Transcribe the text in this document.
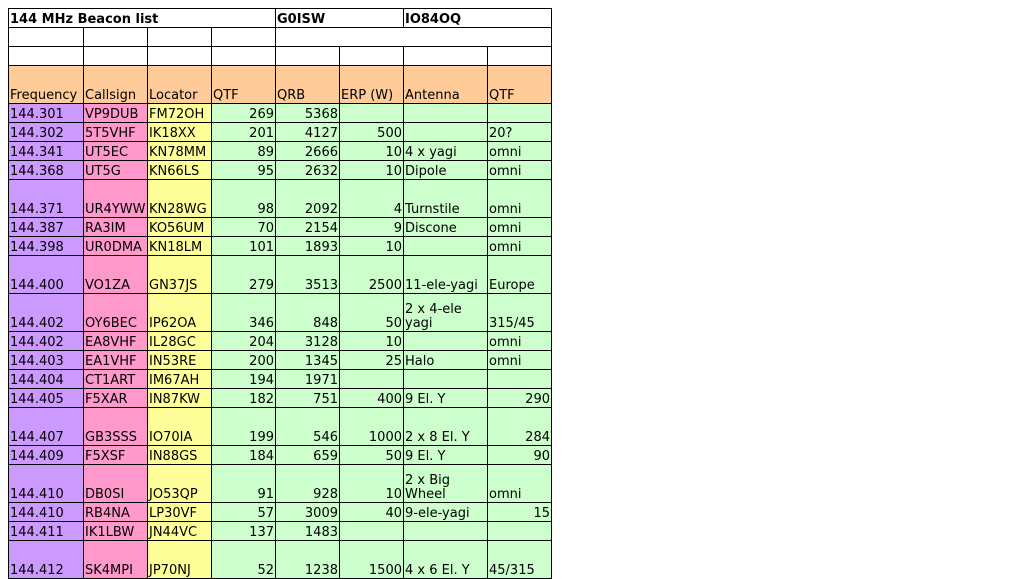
144 MHz Beacon list				G0ISW		IO84OQ	

Frequency	Callsign	Locator	QTF	QRB	ERP (W)	Antenna	QTF
144.301	VP9DUB	FM72OH	269	5368			
144.302	5T5VHF	IK18XX	201	4127	500		20?
144.341	UT5EC	KN78MM	89	2666	10	4 x yagi	omni
144.368	UT5G	KN66LS	95	2632	10	Dipole	omni
144.371	UR4YWW	KN28WG	98	2092	4	Turnstile	omni
144.387	RA3IM	KO56UM	70	2154	9	Discone	omni
144.398	UR0DMA	KN18LM	101	1893	10		omni
144.400	VO1ZA	GN37JS	279	3513	2500	11-ele-yagi	Europe
144.402	OY6BEC	IP62OA	346	848	50	2 x 4-ele yagi	315/45
144.402	EA8VHF	IL28GC	204	3128	10		omni
144.403	EA1VHF	IN53RE	200	1345	25	Halo	omni
144.404	CT1ART	IM67AH	194	1971			
144.405	F5XAR	IN87KW	182	751	400	9 El. Y	290
144.407	GB3SSS	IO70IA	199	546	1000	2 x 8 El. Y	284
144.409	F5XSF	IN88GS	184	659	50	9 El. Y	90
144.410	DB0SI	JO53QP	91	928	10	2 x Big Wheel	omni
144.410	RB4NA	LP30VF	57	3009	40	9-ele-yagi	15
144.411	IK1LBW	JN44VC	137	1483			
144.412	SK4MPI	JP70NJ	52	1238	1500	4 x 6 El. Y	45/315
